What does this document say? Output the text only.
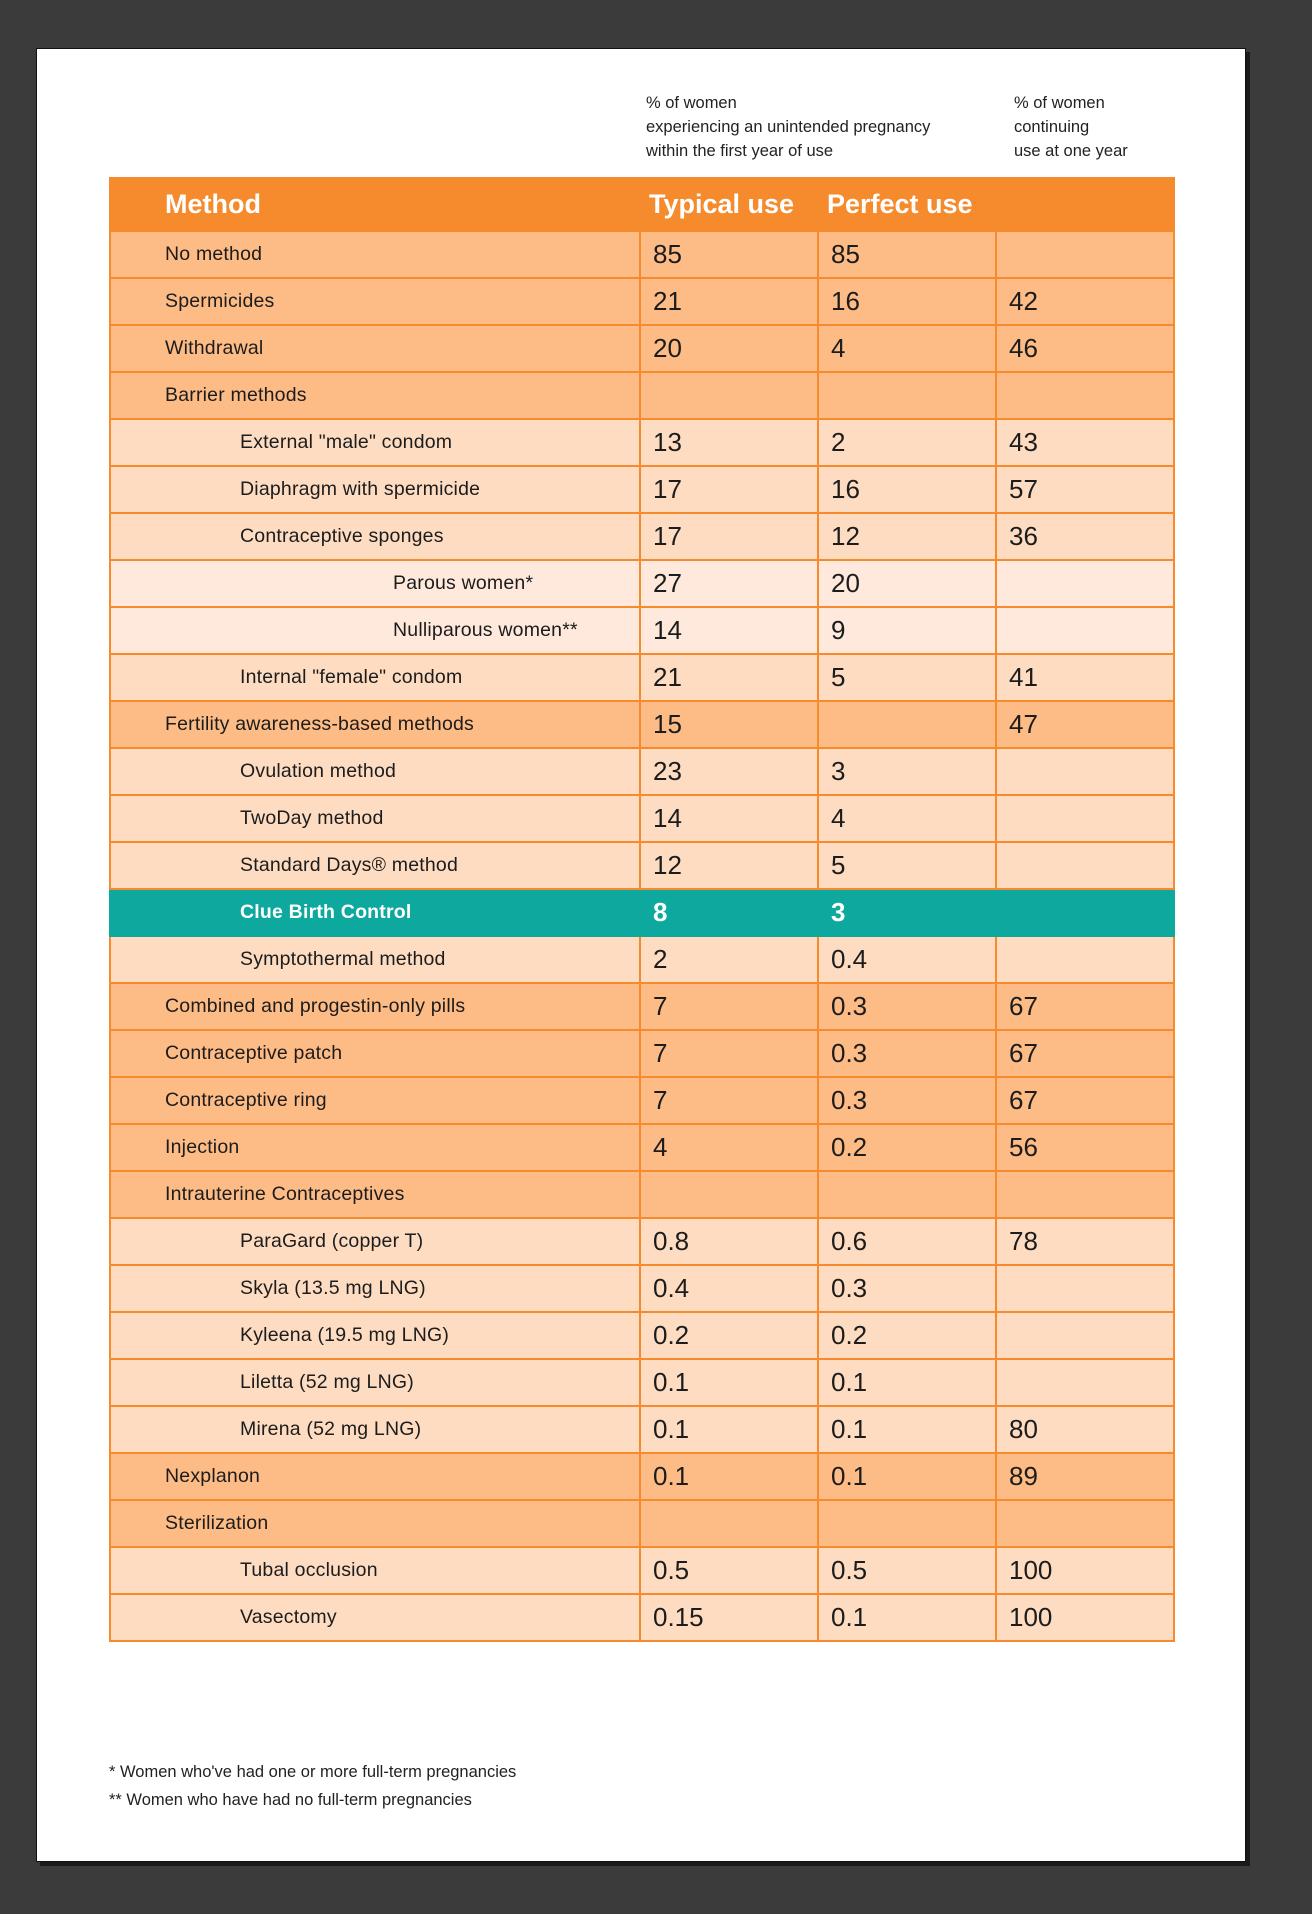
% of women
experiencing an unintended pregnancy
within the first year of use
% of women
continuing
use at one year
Method	Typical use	Perfect use	
No method	85	85	
Spermicides	21	16	42
Withdrawal	20	4	46
Barrier methods			
External "male" condom	13	2	43
Diaphragm with spermicide	17	16	57
Contraceptive sponges	17	12	36
Parous women*	27	20	
Nulliparous women**	14	9	
Internal "female" condom	21	5	41
Fertility awareness-based methods	15		47
Ovulation method	23	3	
TwoDay method	14	4	
Standard Days® method	12	5	
Clue Birth Control	8	3	
Symptothermal method	2	0.4	
Combined and progestin-only pills	7	0.3	67
Contraceptive patch	7	0.3	67
Contraceptive ring	7	0.3	67
Injection	4	0.2	56
Intrauterine Contraceptives			
ParaGard (copper T)	0.8	0.6	78
Skyla (13.5 mg LNG)	0.4	0.3	
Kyleena (19.5 mg LNG)	0.2	0.2	
Liletta (52 mg LNG)	0.1	0.1	
Mirena (52 mg LNG)	0.1	0.1	80
Nexplanon	0.1	0.1	89
Sterilization			
Tubal occlusion	0.5	0.5	100
Vasectomy	0.15	0.1	100
* Women who've had one or more full-term pregnancies
** Women who have had no full-term pregnancies
